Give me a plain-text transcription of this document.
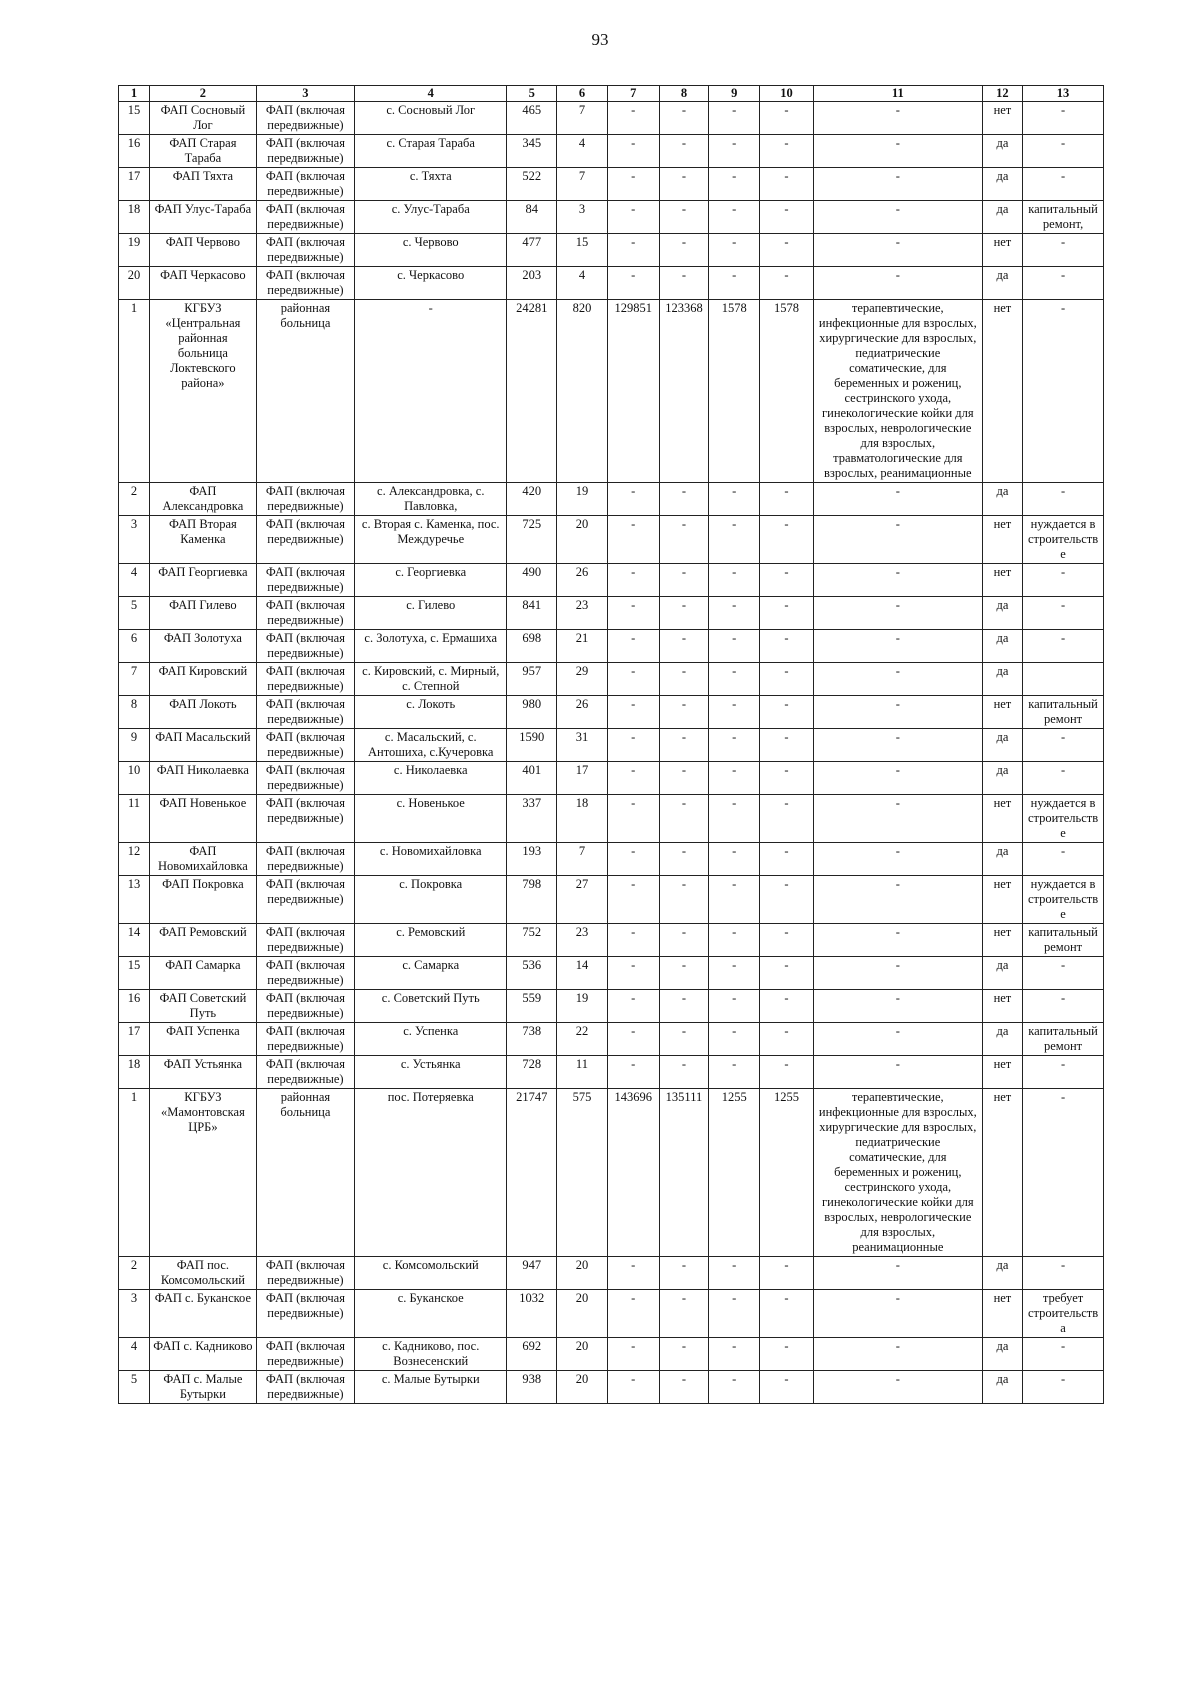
93
1	2	3	4	5	6	7	8	9	10	11	12	13
15	ФАП Сосновый Лог	ФАП (включая передвижные)	с. Сосновый Лог	465	7	-	-	-	-	-	нет	-
16	ФАП Старая Тараба	ФАП (включая передвижные)	с. Старая Тараба	345	4	-	-	-	-	-	да	-
17	ФАП Тяхта	ФАП (включая передвижные)	с. Тяхта	522	7	-	-	-	-	-	да	-
18	ФАП Улус-Тараба	ФАП (включая передвижные)	с. Улус-Тараба	84	3	-	-	-	-	-	да	капитальный ремонт,
19	ФАП Червово	ФАП (включая передвижные)	с. Червово	477	15	-	-	-	-	-	нет	-
20	ФАП Черкасово	ФАП (включая передвижные)	с. Черкасово	203	4	-	-	-	-	-	да	-
1	КГБУЗ «Центральная районная больница Локтевского района»	районная больница	-	24281	820	129851	123368	1578	1578	терапевтические, инфекционные для взрослых, хирургические для взрослых, педиатрические соматические, для беременных и рожениц, сестринского ухода, гинекологические койки для взрослых, неврологические для взрослых, травматологические для взрослых, реанимационные	нет	-
2	ФАП Александровка	ФАП (включая передвижные)	с. Александровка, с. Павловка,	420	19	-	-	-	-	-	да	-
3	ФАП Вторая Каменка	ФАП (включая передвижные)	с. Вторая с. Каменка, пос. Междуречье	725	20	-	-	-	-	-	нет	нуждается в строительстве
4	ФАП Георгиевка	ФАП (включая передвижные)	с. Георгиевка	490	26	-	-	-	-	-	нет	-
5	ФАП Гилево	ФАП (включая передвижные)	с. Гилево	841	23	-	-	-	-	-	да	-
6	ФАП Золотуха	ФАП (включая передвижные)	с. Золотуха, с. Ермашиха	698	21	-	-	-	-	-	да	-
7	ФАП Кировский	ФАП (включая передвижные)	с. Кировский, с. Мирный, с. Степной	957	29	-	-	-	-	-	да	
8	ФАП Локоть	ФАП (включая передвижные)	с. Локоть	980	26	-	-	-	-	-	нет	капитальный ремонт
9	ФАП Масальский	ФАП (включая передвижные)	с. Масальский, с. Антошиха, с.Кучеровка	1590	31	-	-	-	-	-	да	-
10	ФАП Николаевка	ФАП (включая передвижные)	с. Николаевка	401	17	-	-	-	-	-	да	-
11	ФАП Новенькое	ФАП (включая передвижные)	с. Новенькое	337	18	-	-	-	-	-	нет	нуждается в строительстве
12	ФАП Новомихайловка	ФАП (включая передвижные)	с. Новомихайловка	193	7	-	-	-	-	-	да	-
13	ФАП Покровка	ФАП (включая передвижные)	с. Покровка	798	27	-	-	-	-	-	нет	нуждается в строительстве
14	ФАП Ремовский	ФАП (включая передвижные)	с. Ремовский	752	23	-	-	-	-	-	нет	капитальный ремонт
15	ФАП Самарка	ФАП (включая передвижные)	с. Самарка	536	14	-	-	-	-	-	да	-
16	ФАП Советский Путь	ФАП (включая передвижные)	с. Советский Путь	559	19	-	-	-	-	-	нет	-
17	ФАП Успенка	ФАП (включая передвижные)	с. Успенка	738	22	-	-	-	-	-	да	капитальный ремонт
18	ФАП Устьянка	ФАП (включая передвижные)	с. Устьянка	728	11	-	-	-	-	-	нет	-
1	КГБУЗ «Мамонтовская ЦРБ»	районная больница	пос. Потеряевка	21747	575	143696	135111	1255	1255	терапевтические, инфекционные для взрослых, хирургические для взрослых, педиатрические соматические, для беременных и рожениц, сестринского ухода, гинекологические койки для взрослых, неврологические для взрослых, реанимационные	нет	-
2	ФАП пос. Комсомольский	ФАП (включая передвижные)	с. Комсомольский	947	20	-	-	-	-	-	да	-
3	ФАП с. Буканское	ФАП (включая передвижные)	с. Буканское	1032	20	-	-	-	-	-	нет	требует строительства
4	ФАП с. Кадниково	ФАП (включая передвижные)	с. Кадниково, пос. Вознесенский	692	20	-	-	-	-	-	да	-
5	ФАП с. Малые Бутырки	ФАП (включая передвижные)	с. Малые Бутырки	938	20	-	-	-	-	-	да	-
